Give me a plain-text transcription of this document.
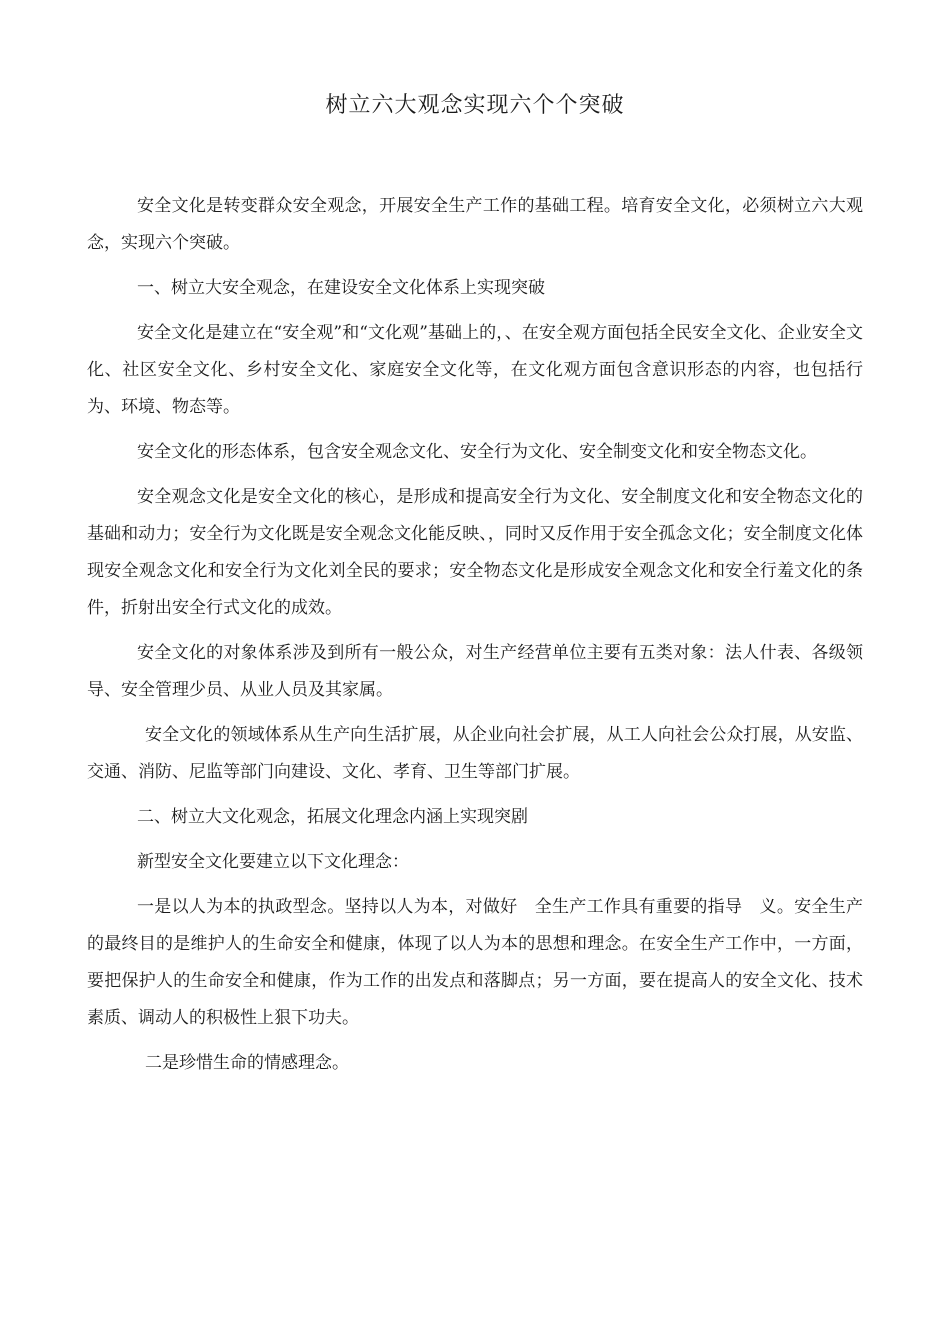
树立六大观念实现六个个突破

安全文化是转变群众安全观念，开展安全生产工作的基础工程。培育安全文化，必须树立六大观念，实现六个突破。

一、树立大安全观念，在建设安全文化体系上实现突破

安全文化是建立在“安全观”和“文化观”基础上的，、在安全观方面包括全民安全文化、企业安全文化、社区安全文化、乡村安全文化、家庭安全文化等，在文化观方面包含意识形态的内容，也包括行为、环境、物态等。

安全文化的形态体系，包含安全观念文化、安全行为文化、安全制变文化和安全物态文化。

安全观念文化是安全文化的核心，是形成和提高安全行为文化、安全制度文化和安全物态文化的基础和动力；安全行为文化既是安全观念文化能反映、，同时又反作用于安全孤念文化；安全制度文化体现安全观念文化和安全行为文化刘全民的要求；安全物态文化是形成安全观念文化和安全行羞文化的条件，折射出安全行式文化的成效。

安全文化的对象体系涉及到所有一般公众，对生产经营单位主要有五类对象：法人什表、各级领导、安全管理少员、从业人员及其家属。

安全文化的领域体系从生产向生活扩展，从企业向社会扩展，从工人向社会公众打展，从安监、交通、消防、尼监等部门向建设、文化、孝育、卫生等部门扩展。

二、树立大文化观念，拓展文化理念内涵上实现突剧

新型安全文化要建立以下文化理念：

一是以人为本的执政型念。坚持以人为本，对做好　全生产工作具有重要的指导　义。安全生产的最终目的是维护人的生命安全和健康，体现了以人为本的思想和理念。在安全生产工作中，一方面，要把保护人的生命安全和健康，作为工作的出发点和落脚点；另一方面，要在提高人的安全文化、技术素质、调动人的积极性上狠下功夫。

二是珍惜生命的情感理念。
